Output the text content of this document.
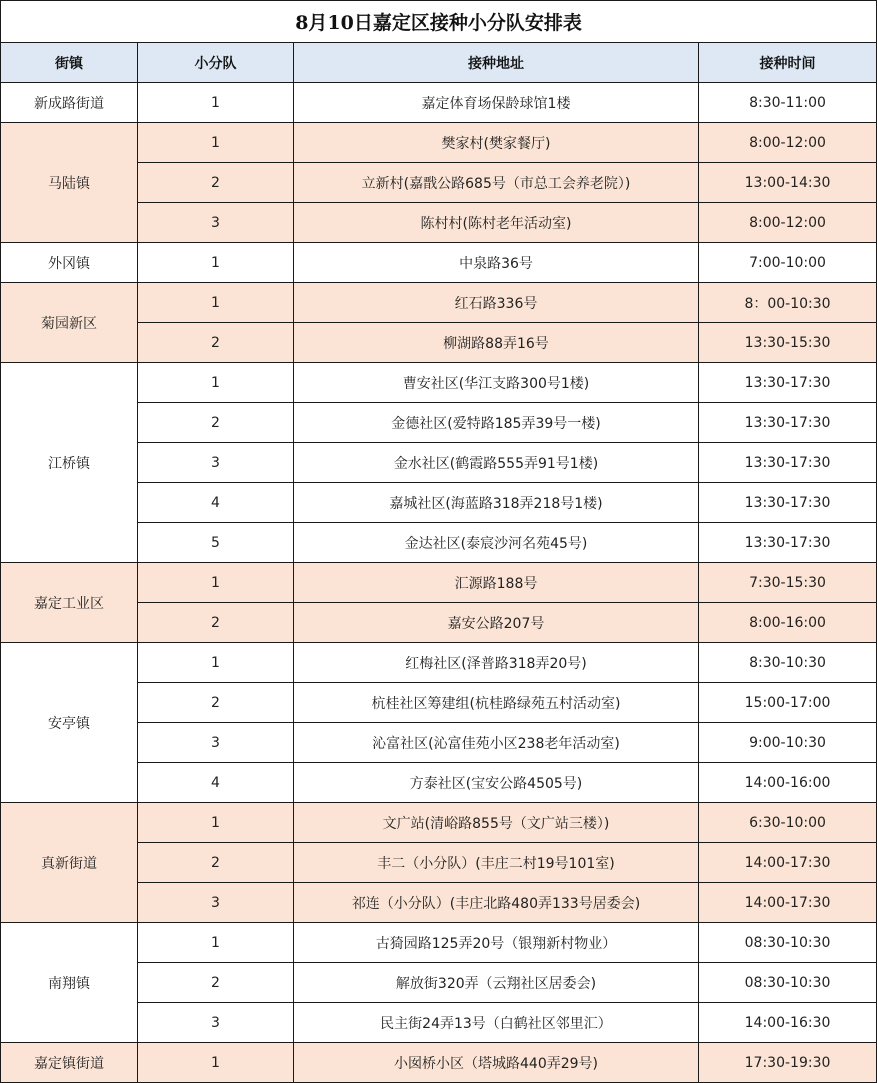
8月10日嘉定区接种小分队安排表			
街镇	小分队	接种地址	接种时间
新成路街道	1	嘉定体育场保龄球馆1楼	8:30-11:00
马陆镇	1	樊家村(樊家餐厅)	8:00-12:00
	2	立新村(嘉戬公路685号（市总工会养老院）)	13:00-14:30
	3	陈村村(陈村老年活动室)	8:00-12:00
外冈镇	1	中泉路36号	7:00-10:00
菊园新区	1	红石路336号	8：00-10:30
	2	柳湖路88弄16号	13:30-15:30
江桥镇	1	曹安社区(华江支路300号1楼)	13:30-17:30
	2	金德社区(爱特路185弄39号一楼)	13:30-17:30
	3	金水社区(鹤霞路555弄91号1楼)	13:30-17:30
	4	嘉城社区(海蓝路318弄218号1楼)	13:30-17:30
	5	金达社区(泰宸沙河名苑45号)	13:30-17:30
嘉定工业区	1	汇源路188号	7:30-15:30
	2	嘉安公路207号	8:00-16:00
安亭镇	1	红梅社区(泽普路318弄20号)	8:30-10:30
	2	杭桂社区筹建组(杭桂路绿苑五村活动室)	15:00-17:00
	3	沁富社区(沁富佳苑小区238老年活动室)	9:00-10:30
	4	方泰社区(宝安公路4505号)	14:00-16:00
真新街道	1	文广站(清峪路855号（文广站三楼）)	6:30-10:00
	2	丰二（小分队）(丰庄二村19号101室)	14:00-17:30
	3	祁连（小分队）(丰庄北路480弄133号居委会)	14:00-17:30
南翔镇	1	古猗园路125弄20号（银翔新村物业）	08:30-10:30
	2	解放街320弄（云翔社区居委会)	08:30-10:30
	3	民主街24弄13号（白鹤社区邻里汇）	14:00-16:30
嘉定镇街道	1	小囡桥小区（塔城路440弄29号)	17:30-19:30
